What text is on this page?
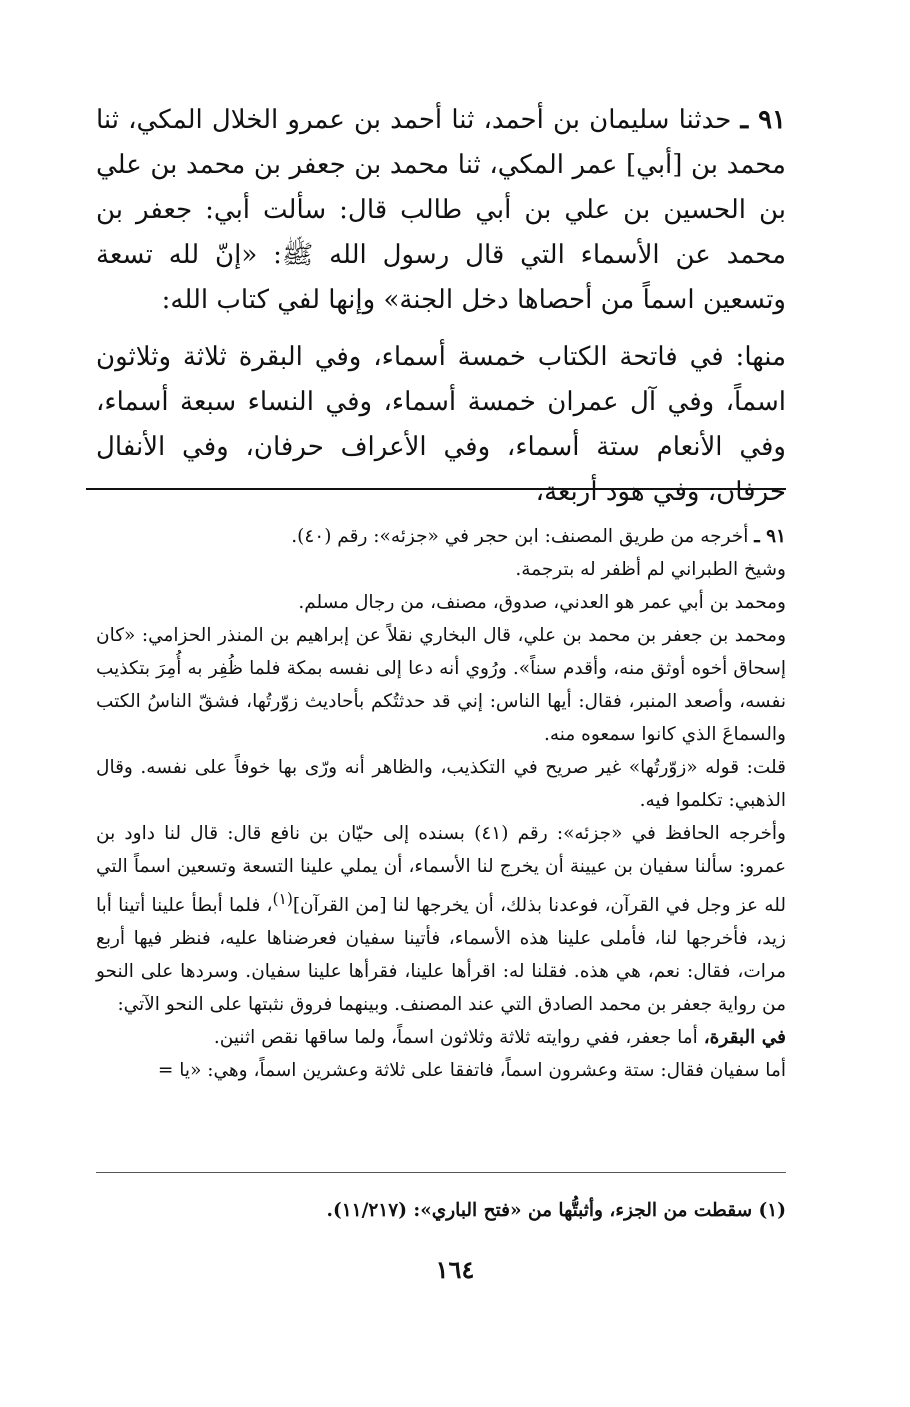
٩١ ـ حدثنا سليمان بن أحمد، ثنا أحمد بن عمرو الخلال المكي، ثنا محمد بن [أبي] عمر المكي، ثنا محمد بن جعفر بن محمد بن علي بن الحسين بن علي بن أبي طالب قال: سألت أبي: جعفر بن محمد عن الأسماء التي قال رسول الله ﷺ: «إنّ لله تسعة وتسعين اسماً من أحصاها دخل الجنة» وإنها لفي كتاب الله:

منها: في فاتحة الكتاب خمسة أسماء، وفي البقرة ثلاثة وثلاثون اسماً، وفي آل عمران خمسة أسماء، وفي النساء سبعة أسماء، وفي الأنعام ستة أسماء، وفي الأعراف حرفان، وفي الأنفال حرفان، وفي هود أربعة،

٩١ ـ أخرجه من طريق المصنف: ابن حجر في «جزئه»: رقم (٤٠).
وشيخ الطبراني لم أظفر له بترجمة.
ومحمد بن أبي عمر هو العدني، صدوق، مصنف، من رجال مسلم.
ومحمد بن جعفر بن محمد بن علي، قال البخاري نقلاً عن إبراهيم بن المنذر الحزامي: «كان إسحاق أخوه أوثق منه، وأقدم سناً». ورُوي أنه دعا إلى نفسه بمكة فلما ظُفِر به أُمِرَ بتكذيب نفسه، وأصعد المنبر، فقال: أيها الناس: إني قد حدثتُكم بأحاديث زوّرتُها، فشقّ الناسُ الكتب والسماعَ الذي كانوا سمعوه منه.
قلت: قوله «زوّرتُها» غير صريح في التكذيب، والظاهر أنه ورّى بها خوفاً على نفسه. وقال الذهبي: تكلموا فيه.
وأخرجه الحافظ في «جزئه»: رقم (٤١) بسنده إلى حيّان بن نافع قال: قال لنا داود بن عمرو: سألنا سفيان بن عيينة أن يخرج لنا الأسماء، أن يملي علينا التسعة وتسعين اسماً التي لله عز وجل في القرآن، فوعدنا بذلك، أن يخرجها لنا [من القرآن]$^{(١)}$، فلما أبطأ علينا أتينا أبا زيد، فأخرجها لنا، فأملى علينا هذه الأسماء، فأتينا سفيان فعرضناها عليه، فنظر فيها أربع مرات، فقال: نعم، هي هذه. فقلنا له: اقرأها علينا، فقرأها علينا سفيان. وسردها على النحو من رواية جعفر بن محمد الصادق التي عند المصنف. وبينهما فروق نثبتها على النحو الآتي:
في البقرة، أما جعفر، ففي روايته ثلاثة وثلاثون اسماً، ولما ساقها نقص اثنين.
أما سفيان فقال: ستة وعشرون اسماً، فاتفقا على ثلاثة وعشرين اسماً، وهي: «يا =
(١) سقطت من الجزء، وأثبتُّها من «فتح الباري»: (١١/٢١٧).
١٦٤
